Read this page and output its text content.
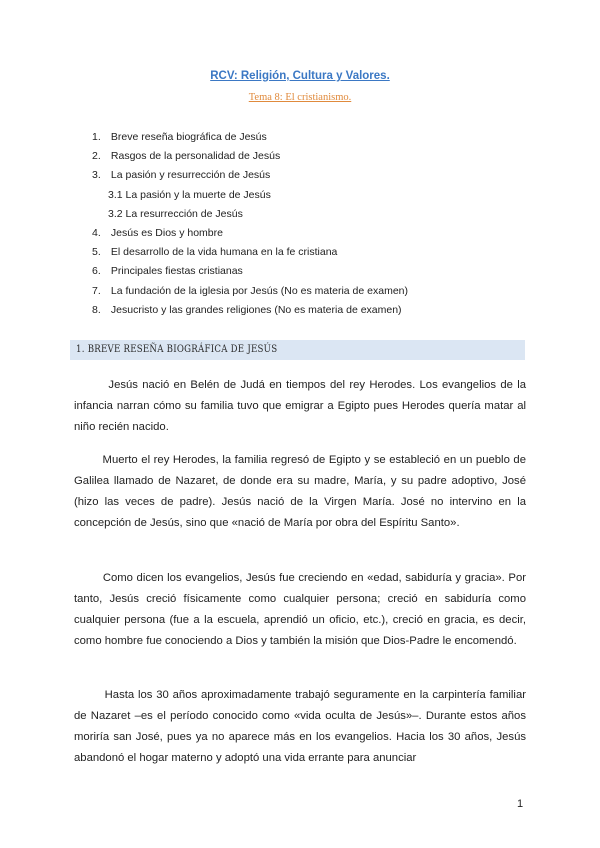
RCV: Religión, Cultura y Valores.
Tema 8: El cristianismo.
1. Breve reseña biográfica de Jesús
2. Rasgos de la personalidad de Jesús
3. La pasión y resurrección de Jesús
3.1 La pasión y la muerte de Jesús
3.2 La resurrección de Jesús
4. Jesús es Dios y hombre
5. El desarrollo de la vida humana en la fe cristiana
6. Principales fiestas cristianas
7. La fundación de la iglesia por Jesús (No es materia de examen)
8. Jesucristo y las grandes religiones (No es materia de examen)
1. BREVE RESEÑA BIOGRÁFICA DE JESÚS

Jesús nació en Belén de Judá en tiempos del rey Herodes. Los evangelios de la infancia narran cómo su familia tuvo que emigrar a Egipto pues Herodes quería matar al niño recién nacido.

Muerto el rey Herodes, la familia regresó de Egipto y se estableció en un pueblo de Galilea llamado de Nazaret, de donde era su madre, María, y su padre adoptivo, José (hizo las veces de padre). Jesús nació de la Virgen María. José no intervino en la concepción de Jesús, sino que «nació de María por obra del Espíritu Santo».

Como dicen los evangelios, Jesús fue creciendo en «edad, sabiduría y gracia». Por tanto, Jesús creció físicamente como cualquier persona; creció en sabiduría como cualquier persona (fue a la escuela, aprendió un oficio, etc.), creció en gracia, es decir, como hombre fue conociendo a Dios y también la misión que Dios-Padre le encomendó.

Hasta los 30 años aproximadamente trabajó seguramente en la carpintería familiar de Nazaret –es el período conocido como «vida oculta de Jesús»–. Durante estos años moriría san José, pues ya no aparece más en los evangelios. Hacia los 30 años, Jesús abandonó el hogar materno y adoptó una vida errante para anunciar

1
